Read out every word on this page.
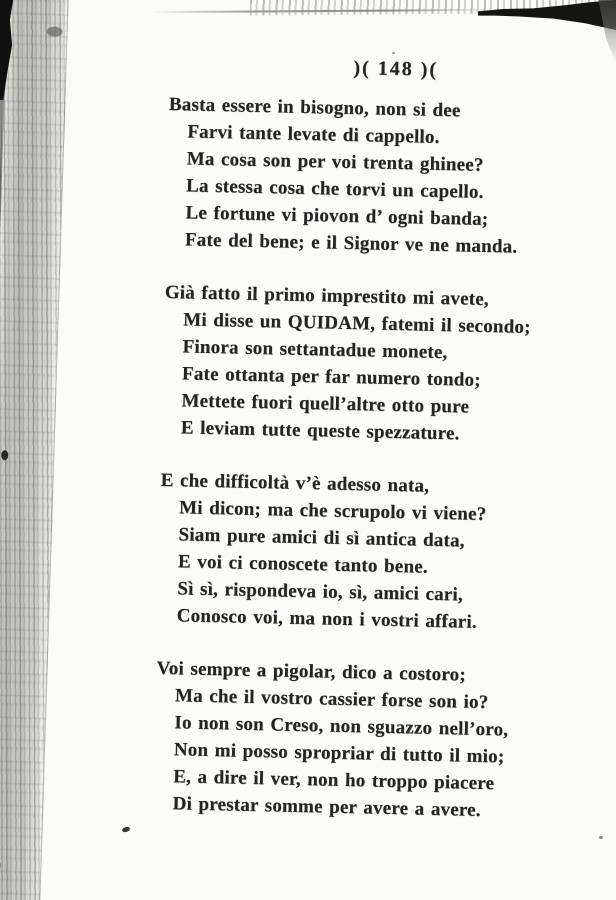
)( 148 )(
Basta essere in bisogno, non si dee
Farvi tante levate di cappello.
Ma cosa son per voi trenta ghinee?
La stessa cosa che torvi un capello.
Le fortune vi piovon d’ ogni banda;
Fate del bene; e il Signor ve ne manda.
Già fatto il primo imprestito mi avete,
Mi disse un QUIDAM, fatemi il secondo;
Finora son settantadue monete,
Fate ottanta per far numero tondo;
Mettete fuori quell’altre otto pure
E leviam tutte queste spezzature.
E che difficoltà v’è adesso nata,
Mi dicon; ma che scrupolo vi viene?
Siam pure amici di sì antica data,
E voi ci conoscete tanto bene.
Sì sì, rispondeva io, sì, amici cari,
Conosco voi, ma non i vostri affari.
Voi sempre a pigolar, dico a costoro;
Ma che il vostro cassier forse son io?
Io non son Creso, non sguazzo nell’oro,
Non mi posso spropriar di tutto il mio;
E, a dire il ver, non ho troppo piacere
Di prestar somme per avere a avere.
